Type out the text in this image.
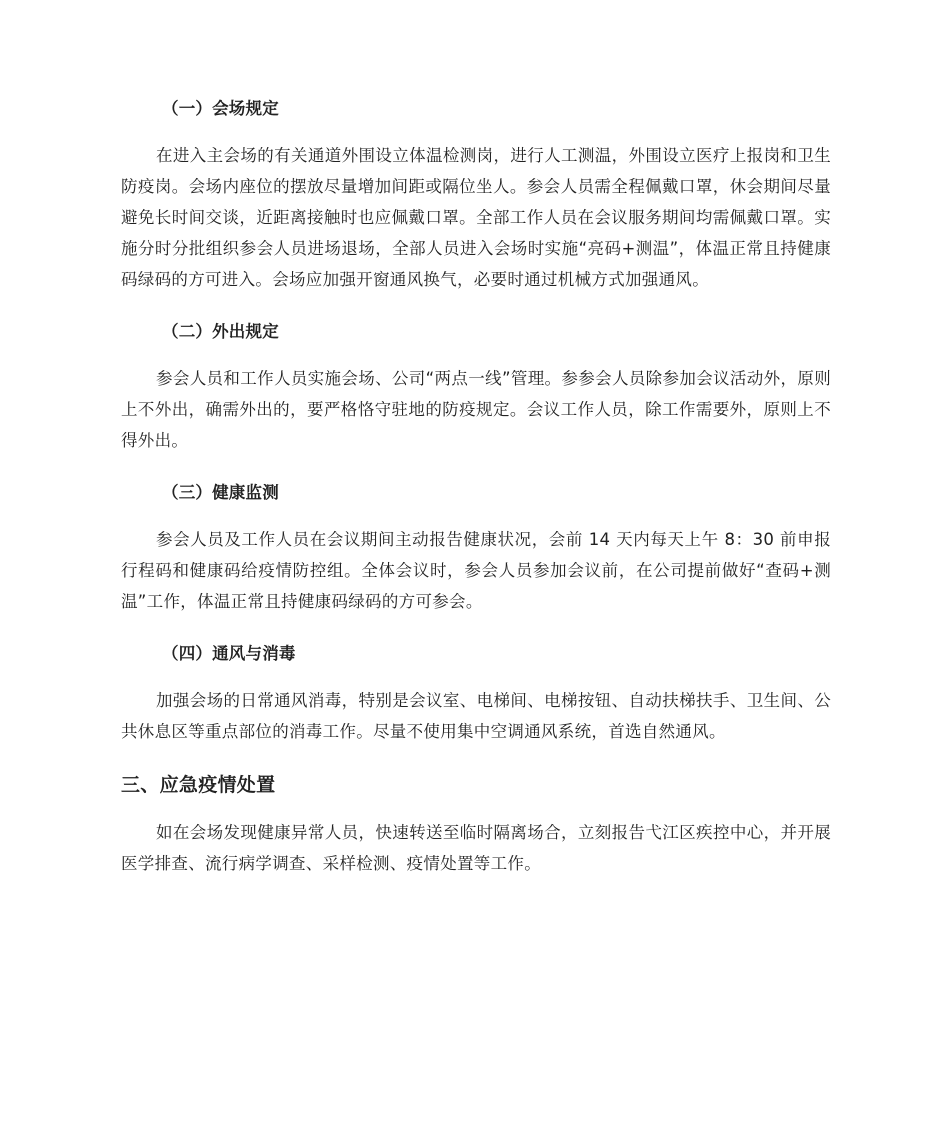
（一）会场规定

在进入主会场的有关通道外围设立体温检测岗，进行人工测温，外围设立医疗上报岗和卫生防疫岗。会场内座位的摆放尽量增加间距或隔位坐人。参会人员需全程佩戴口罩，休会期间尽量避免长时间交谈，近距离接触时也应佩戴口罩。全部工作人员在会议服务期间均需佩戴口罩。实施分时分批组织参会人员进场退场，全部人员进入会场时实施“亮码+测温”，体温正常且持健康码绿码的方可进入。会场应加强开窗通风换气，必要时通过机械方式加强通风。

（二）外出规定

参会人员和工作人员实施会场、公司“两点一线”管理。参参会人员除参加会议活动外，原则上不外出，确需外出的，要严格恪守驻地的防疫规定。会议工作人员，除工作需要外，原则上不得外出。

（三）健康监测

参会人员及工作人员在会议期间主动报告健康状况，会前 14 天内每天上午 8：30 前申报行程码和健康码给疫情防控组。全体会议时，参会人员参加会议前，在公司提前做好“查码+测温”工作，体温正常且持健康码绿码的方可参会。

（四）通风与消毒

加强会场的日常通风消毒，特别是会议室、电梯间、电梯按钮、自动扶梯扶手、卫生间、公共休息区等重点部位的消毒工作。尽量不使用集中空调通风系统，首选自然通风。

三、应急疫情处置

如在会场发现健康异常人员，快速转送至临时隔离场合，立刻报告弋江区疾控中心，并开展医学排查、流行病学调查、采样检测、疫情处置等工作。
